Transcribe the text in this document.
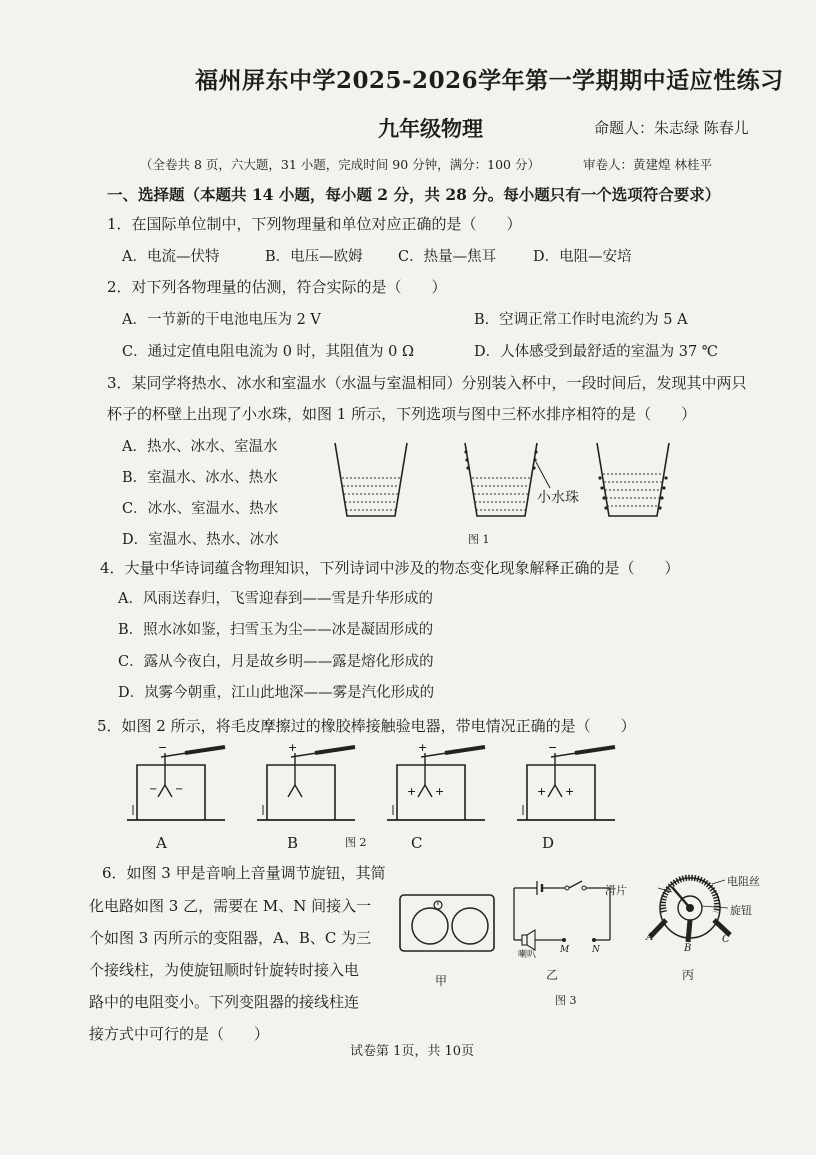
福州屏东中学2025-2026学年第一学期期中适应性练习
九年级物理	命题人：朱志绿 陈春儿
（全卷共 8 页，六大题，31 小题，完成时间 90 分钟，满分：100 分）	审卷人：黄建煌 林桂平
一、选择题（本题共 14 小题，每小题 2 分，共 28 分。每小题只有一个选项符合要求）
1．在国际单位制中，下列物理量和单位对应正确的是（　　）
A．电流—伏特	B．电压—欧姆 C．热量—焦耳	D．电阻—安培
2．对下列各物理量的估测，符合实际的是（　　）
A．一节新的干电池电压为 2 V	B．空调正常工作时电流约为 5 A
C．通过定值电阻电流为 0 时，其阻值为 0 Ω	D．人体感受到最舒适的室温为 37 ℃
3．某同学将热水、冰水和室温水（水温与室温相同）分别装入杯中，一段时间后，发现其中两只
杯子的杯壁上出现了小水珠，如图 1 所示，下列选项与图中三杯水排序相符的是（　　）
A．热水、冰水、室温水
B．室温水、冰水、热水
C．冰水、室温水、热水
D．室温水、热水、冰水
小水珠
图 1
4．大量中华诗词蕴含物理知识，下列诗词中涉及的物态变化现象解释正确的是（　　）
A．风雨送春归，飞雪迎春到——雪是升华形成的
B．照水冰如鉴，扫雪玉为尘——冰是凝固形成的
C．露从今夜白，月是故乡明——露是熔化形成的
D．岚雾今朝重，江山此地深——雾是汽化形成的
5．如图 2 所示，将毛皮摩擦过的橡胶棒接触验电器，带电情况正确的是（　　）
−
− −
+	+
+ +
−
+ +
A	B	图 2	C	D
6．如图 3 甲是音响上音量调节旋钮，其简
化电路如图 3 乙，需要在 M、N 间接入一
个如图 3 丙所示的变阻器，A、B、C 为三
个接线柱，为使旋钮顺时针旋转时接入电
路中的电阻变小。下列变阻器的接线柱连
接方式中可行的是（　　）
喇叭	M	N
滑片
电阻丝
旋钮
A
B
C
甲	乙	丙
图 3
试卷第 1页，共 10页
